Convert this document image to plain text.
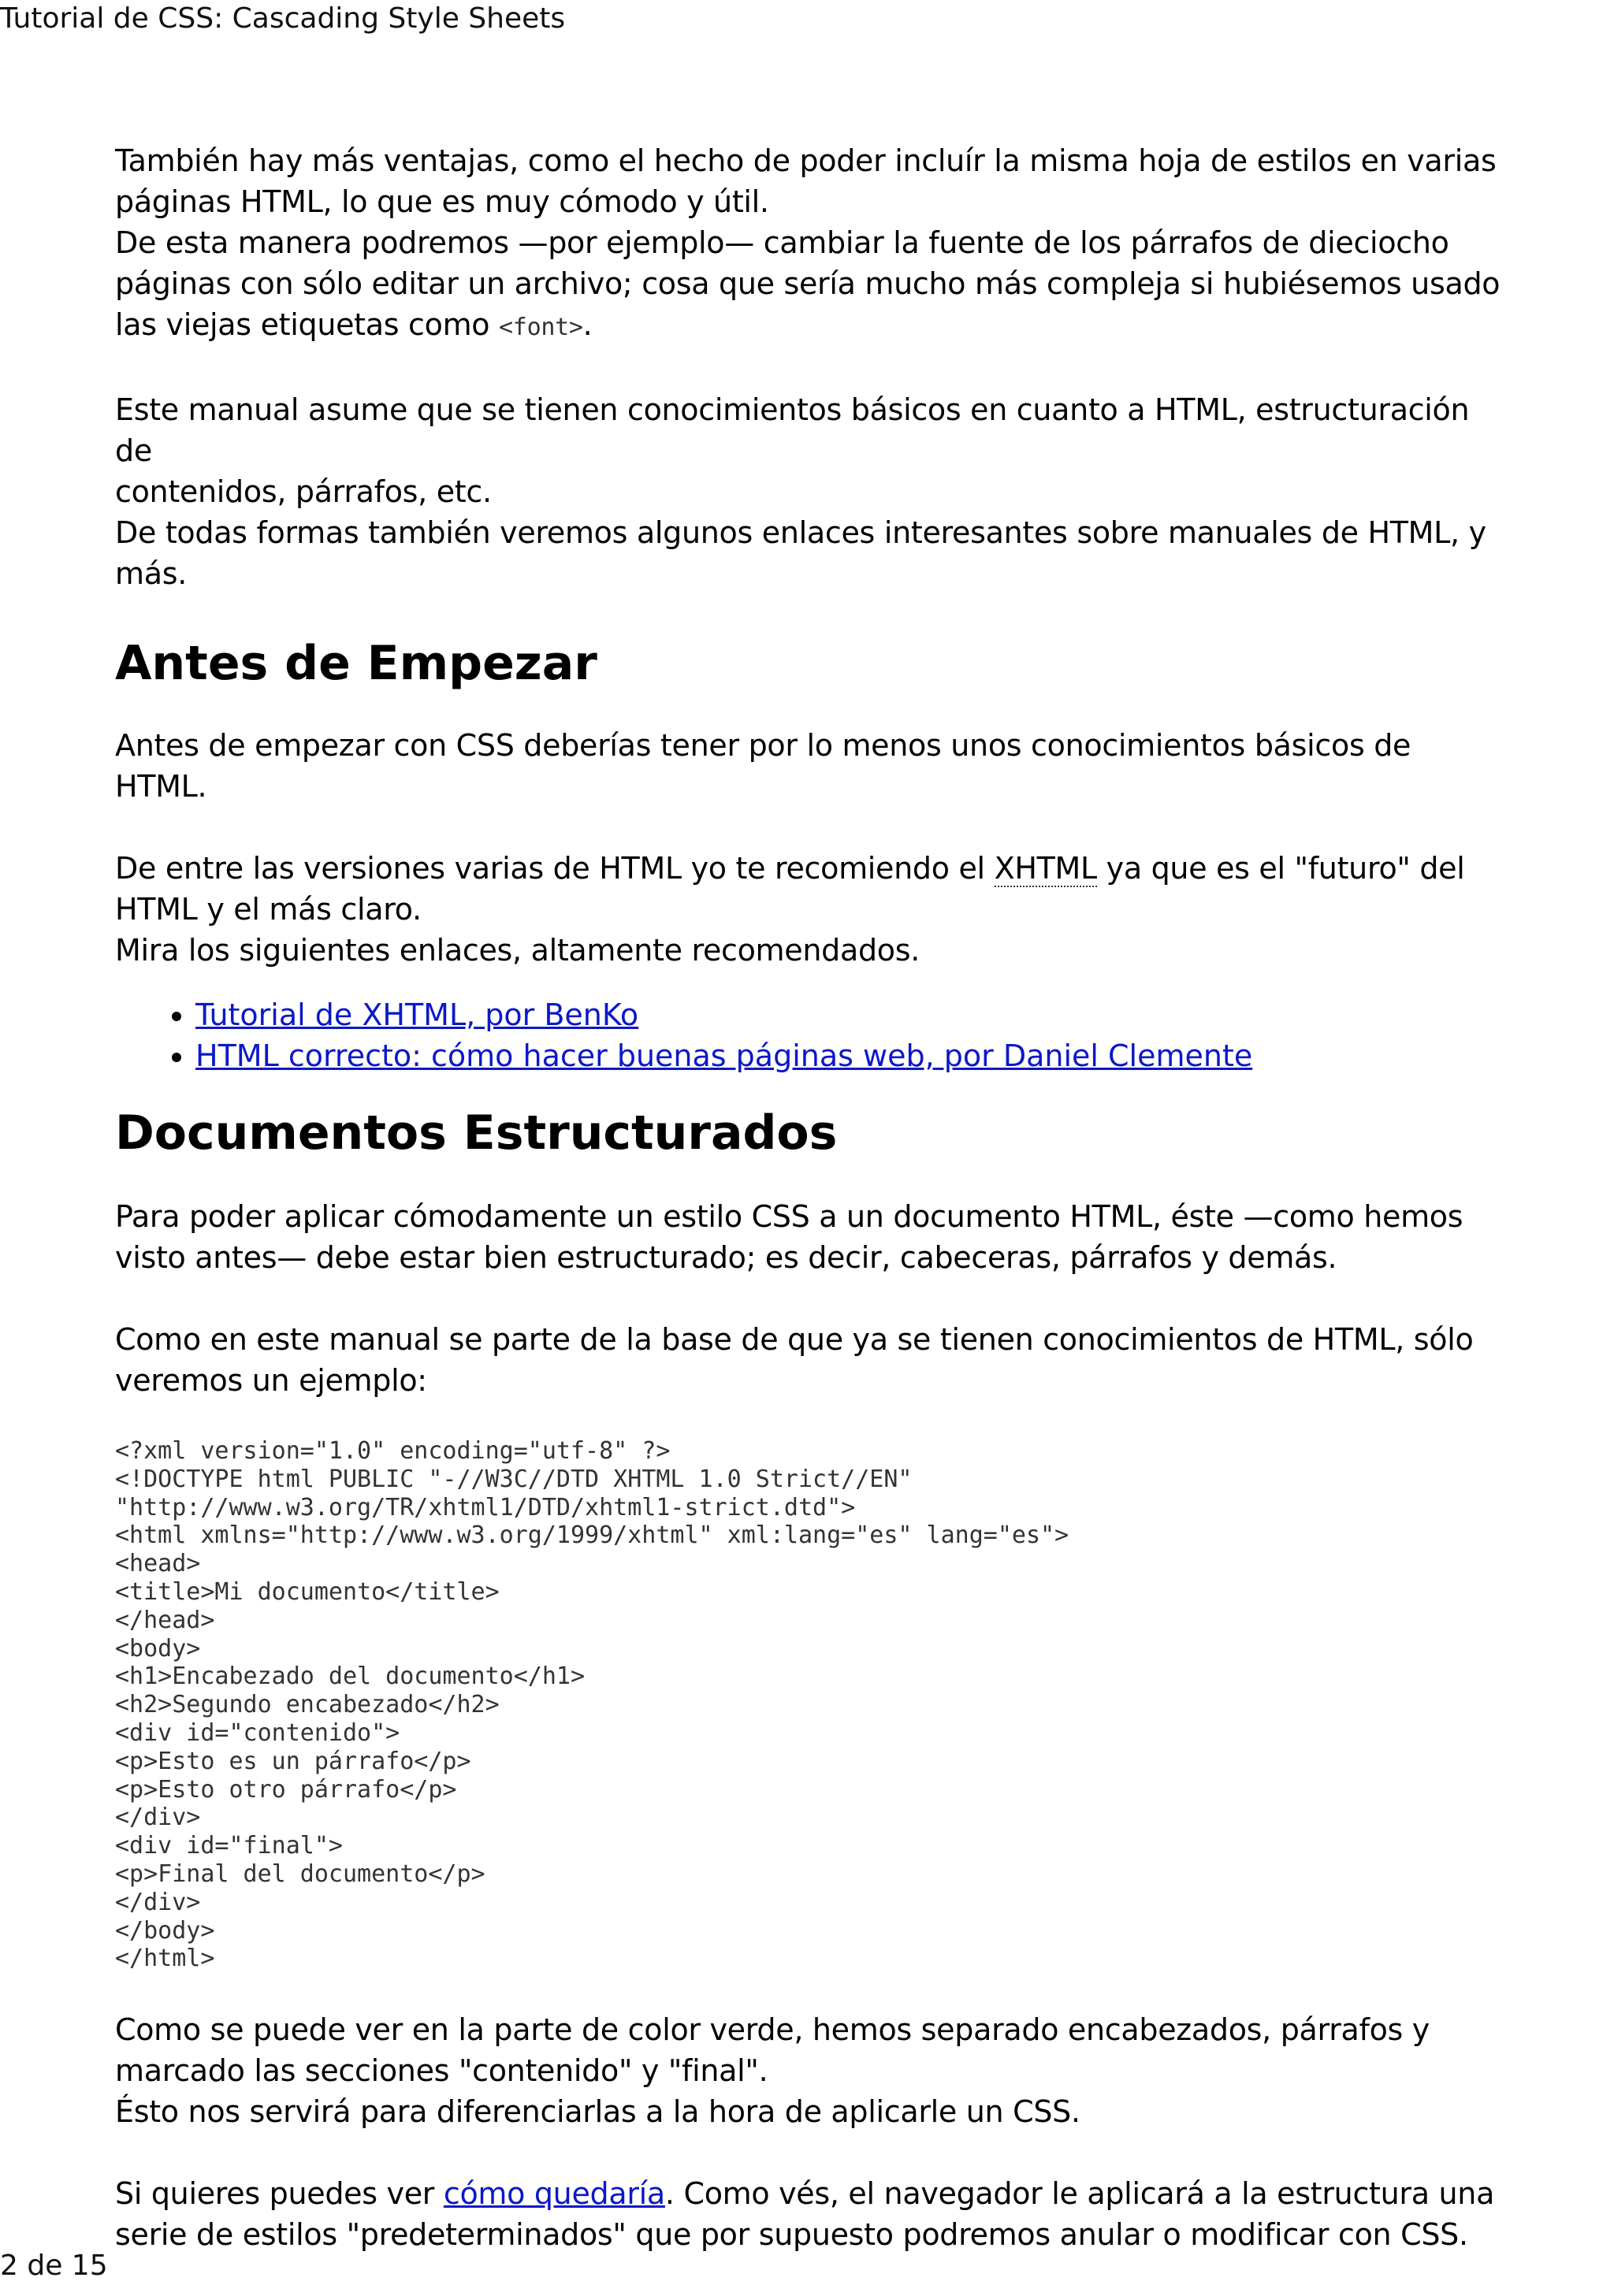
Tutorial de CSS: Cascading Style Sheets

También hay más ventajas, como el hecho de poder incluír la misma hoja de estilos en varias
páginas HTML, lo que es muy cómodo y útil.
De esta manera podremos —por ejemplo— cambiar la fuente de los párrafos de dieciocho
páginas con sólo editar un archivo; cosa que sería mucho más compleja si hubiésemos usado
las viejas etiquetas como <font>.

Este manual asume que se tienen conocimientos básicos en cuanto a HTML, estructuración de
contenidos, párrafos, etc.
De todas formas también veremos algunos enlaces interesantes sobre manuales de HTML, y
más.

Antes de Empezar

Antes de empezar con CSS deberías tener por lo menos unos conocimientos básicos de HTML.

De entre las versiones varias de HTML yo te recomiendo el XHTML ya que es el "futuro" del
HTML y el más claro.
Mira los siguientes enlaces, altamente recomendados.

• Tutorial de XHTML, por BenKo
• HTML correcto: cómo hacer buenas páginas web, por Daniel Clemente
Documentos Estructurados

Para poder aplicar cómodamente un estilo CSS a un documento HTML, éste —como hemos
visto antes— debe estar bien estructurado; es decir, cabeceras, párrafos y demás.

Como en este manual se parte de la base de que ya se tienen conocimientos de HTML, sólo
veremos un ejemplo:

<?xml version="1.0" encoding="utf-8" ?>
<!DOCTYPE html PUBLIC "-//W3C//DTD XHTML 1.0 Strict//EN"
"http://www.w3.org/TR/xhtml1/DTD/xhtml1-strict.dtd">
<html xmlns="http://www.w3.org/1999/xhtml" xml:lang="es" lang="es">
<head>
<title>Mi documento</title>
</head>
<body>
<h1>Encabezado del documento</h1>
<h2>Segundo encabezado</h2>
<div id="contenido">
<p>Esto es un párrafo</p>
<p>Esto otro párrafo</p>
</div>
<div id="final">
<p>Final del documento</p>
</div>
</body>
</html>

Como se puede ver en la parte de color verde, hemos separado encabezados, párrafos y
marcado las secciones "contenido" y "final".
Ésto nos servirá para diferenciarlas a la hora de aplicarle un CSS.

Si quieres puedes ver cómo quedaría. Como vés, el navegador le aplicará a la estructura una
serie de estilos "predeterminados" que por supuesto podremos anular o modificar con CSS.

2 de 15
